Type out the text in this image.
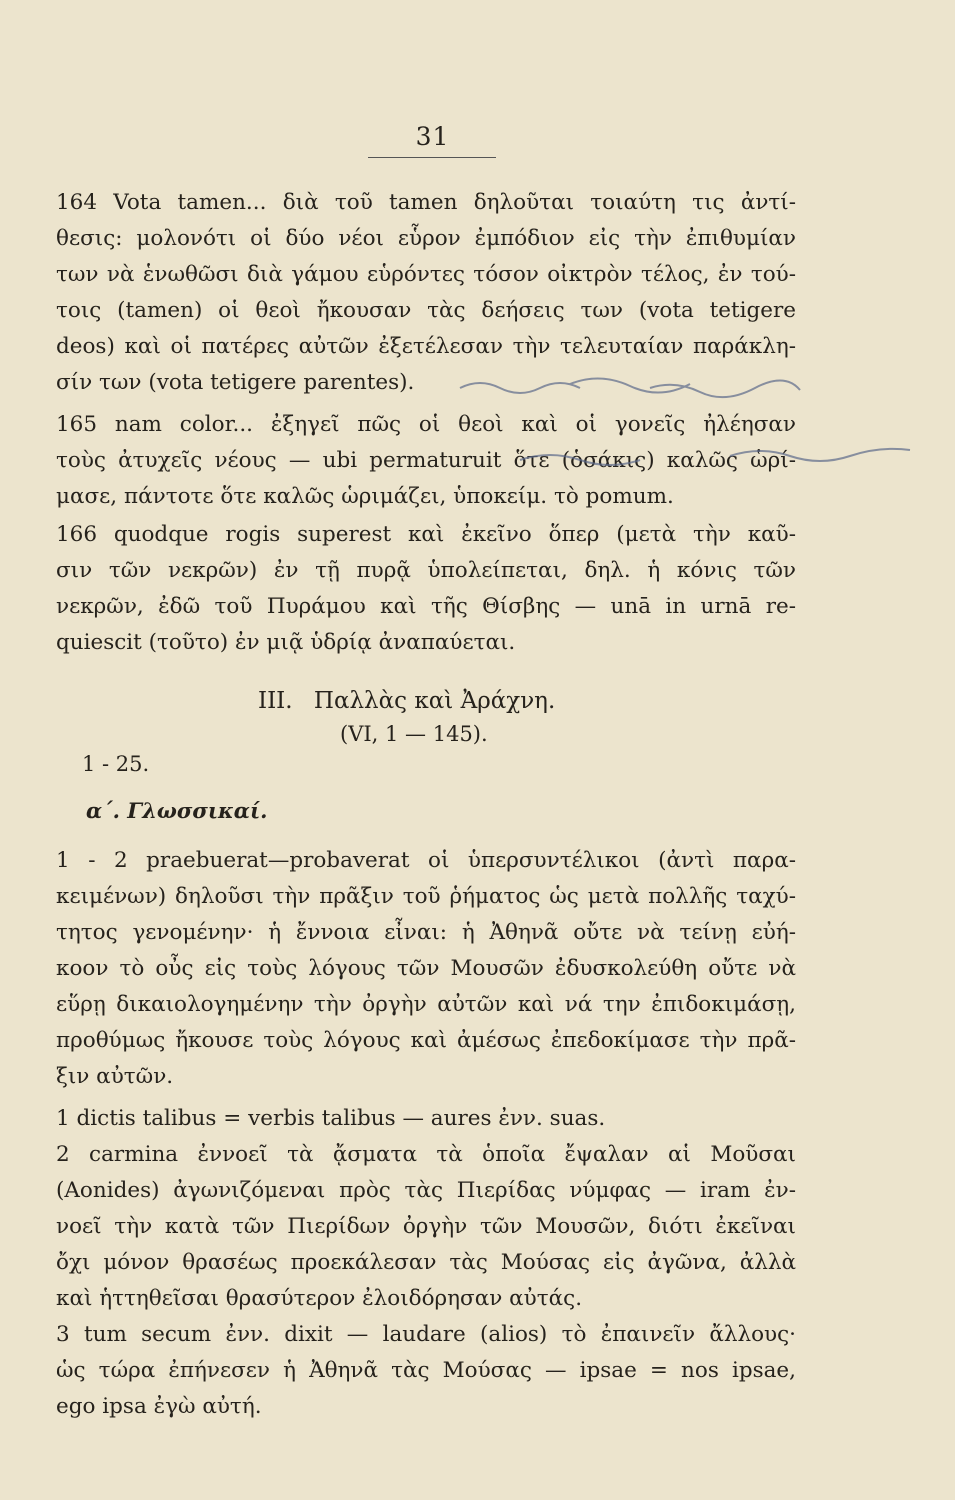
31
164 Vota tamen... διὰ τοῦ tamen δηλοῦται τοιαύτη τις ἀντί-
θεσις: μολονότι οἱ δύο νέοι εὗρον ἐμπόδιον εἰς τὴν ἐπιθυμίαν
των νὰ ἑνωθῶσι διὰ γάμου εὑρόντες τόσον οἰκτρὸν τέλος, ἐν τού-
τοις (tamen) οἱ θεοὶ ἤκουσαν τὰς δεήσεις των (vota tetigere
deos) καὶ οἱ πατέρες αὐτῶν ἐξετέλεσαν τὴν τελευταίαν παράκλη-
σίν των (vota tetigere parentes).
165 nam color... ἐξηγεῖ πῶς οἱ θεοὶ καὶ οἱ γονεῖς ἠλέησαν
τοὺς ἀτυχεῖς νέους — ubi permaturuit ὅτε (ὁσάκις) καλῶς ὡρί-
μασε, πάντοτε ὅτε καλῶς ὡριμάζει, ὑποκείμ. τὸ pomum.
166 quodque rogis superest καὶ ἐκεῖνο ὅπερ (μετὰ τὴν καῦ-
σιν τῶν νεκρῶν) ἐν τῇ πυρᾷ ὑπολείπεται, δηλ. ἡ κόνις τῶν
νεκρῶν, ἐδῶ τοῦ Πυράμου καὶ τῆς Θίσβης — unā in urnā re-
quiescit (τοῦτο) ἐν μιᾷ ὑδρίᾳ ἀναπαύεται.
III. Παλλὰς καὶ Ἀράχνη.
(VI, 1 — 145).
1 - 25.
α΄. Γλωσσικαί.
1 - 2 praebuerat—probaverat οἱ ὑπερσυντέλικοι (ἀντὶ παρα-
κειμένων) δηλοῦσι τὴν πρᾶξιν τοῦ ῥήματος ὡς μετὰ πολλῆς ταχύ-
τητος γενομένην· ἡ ἔννοια εἶναι: ἡ Ἀθηνᾶ οὔτε νὰ τείνῃ εὐή-
κοον τὸ οὖς εἰς τοὺς λόγους τῶν Μουσῶν ἐδυσκολεύθη οὔτε νὰ
εὕρῃ δικαιολογημένην τὴν ὀργὴν αὐτῶν καὶ νά την ἐπιδοκιμάσῃ,
προθύμως ἤκουσε τοὺς λόγους καὶ ἀμέσως ἐπεδοκίμασε τὴν πρᾶ-
ξιν αὐτῶν.
1 dictis talibus = verbis talibus — aures ἐνν. suas.
2 carmina ἐννοεῖ τὰ ᾄσματα τὰ ὁποῖα ἔψαλαν αἱ Μοῦσαι
(Aonides) ἀγωνιζόμεναι πρὸς τὰς Πιερίδας νύμφας — iram ἐν-
νοεῖ τὴν κατὰ τῶν Πιερίδων ὀργὴν τῶν Μουσῶν, διότι ἐκεῖναι
ὄχι μόνον θρασέως προεκάλεσαν τὰς Μούσας εἰς ἀγῶνα, ἀλλὰ
καὶ ἡττηθεῖσαι θρασύτερον ἐλοιδόρησαν αὐτάς.
3 tum secum ἐνν. dixit — laudare (alios) τὸ ἐπαινεῖν ἄλλους·
ὡς τώρα ἐπήνεσεν ἡ Ἀθηνᾶ τὰς Μούσας — ipsae = nos ipsae,
ego ipsa ἐγὼ αὐτή.
